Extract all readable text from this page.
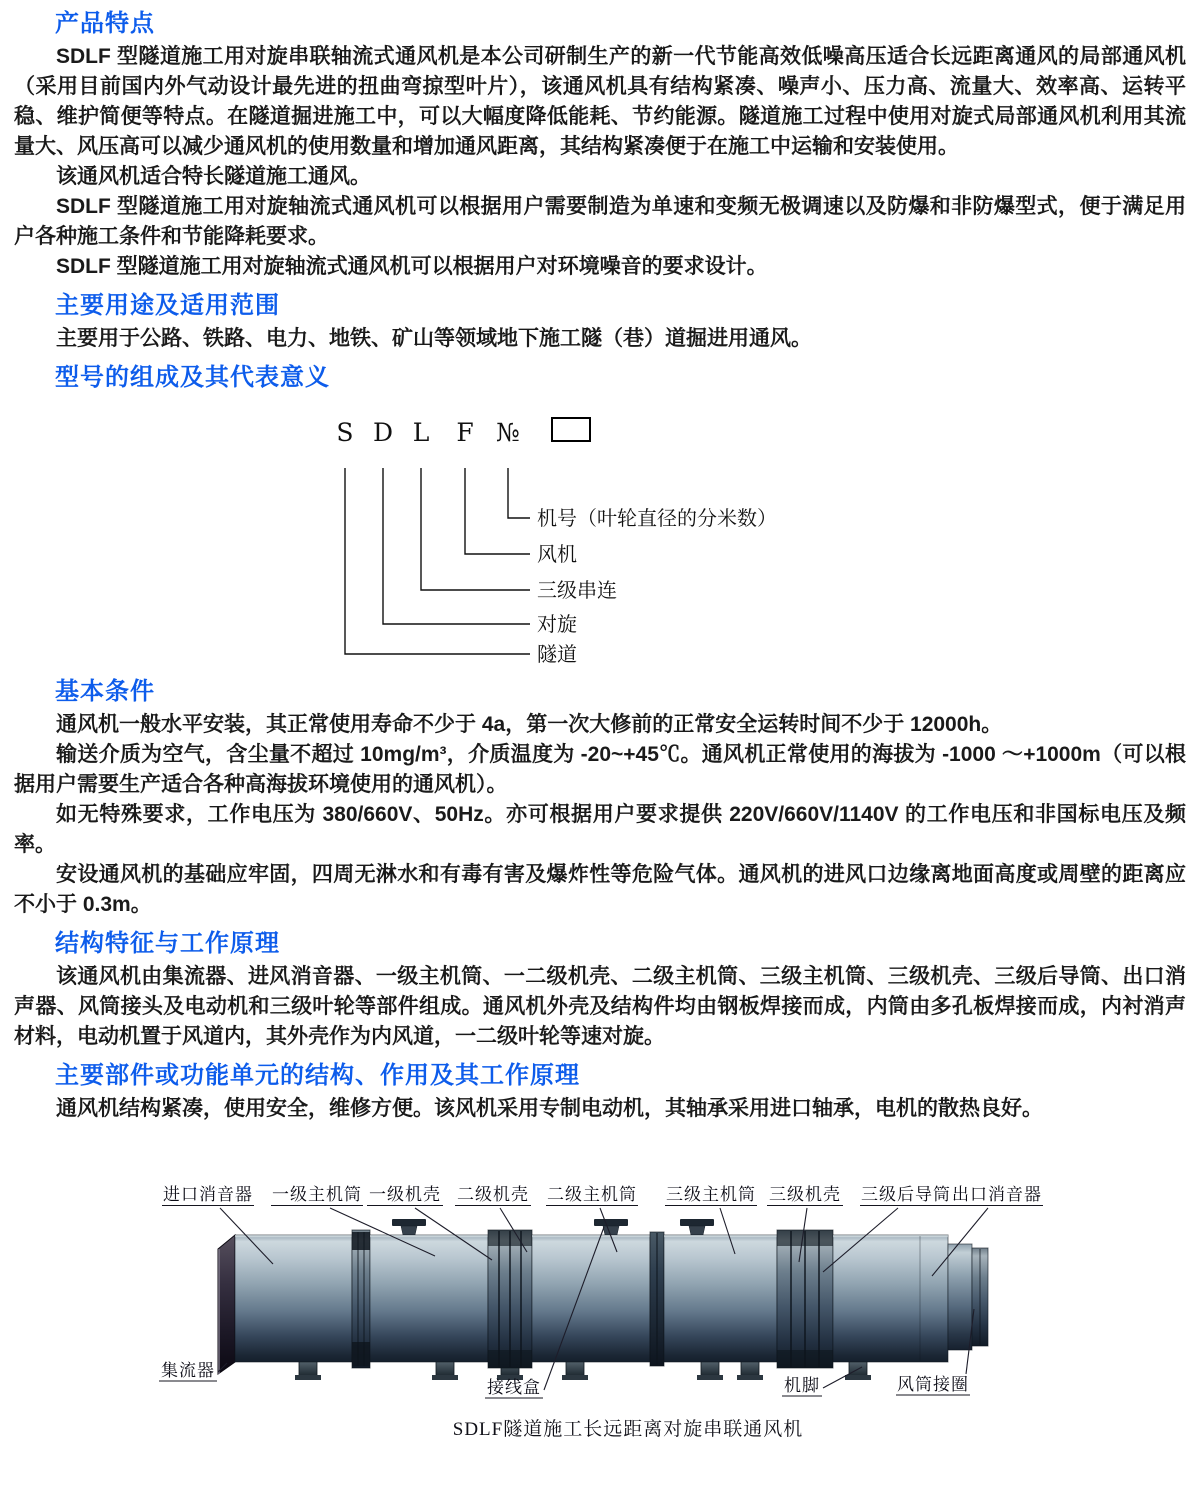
产品特点

SDLF 型隧道施工用对旋串联轴流式通风机是本公司研制生产的新一代节能高效低噪高压适合长远距离通风的局部通风机（采用目前国内外气动设计最先进的扭曲弯掠型叶片），该通风机具有结构紧凑、噪声小、压力高、流量大、效率高、运转平稳、维护简便等特点。在隧道掘进施工中，可以大幅度降低能耗、节约能源。隧道施工过程中使用对旋式局部通风机利用其流量大、风压高可以减少通风机的使用数量和增加通风距离，其结构紧凑便于在施工中运输和安装使用。

该通风机适合特长隧道施工通风。

SDLF 型隧道施工用对旋轴流式通风机可以根据用户需要制造为单速和变频无极调速以及防爆和非防爆型式，便于满足用户各种施工条件和节能降耗要求。

SDLF 型隧道施工用对旋轴流式通风机可以根据用户对环境噪音的要求设计。

主要用途及适用范围

主要用于公路、铁路、电力、地铁、矿山等领域地下施工隧（巷）道掘进用通风。

型号的组成及其代表意义
S D L F №
机号（叶轮直径的分米数）
风机
三级串连
对旋
隧道
基本条件

通风机一般水平安装，其正常使用寿命不少于 4a，第一次大修前的正常安全运转时间不少于 12000h。

输送介质为空气，含尘量不超过 10mg/m³，介质温度为 -20~+45℃。通风机正常使用的海拔为 -1000 ～+1000m（可以根据用户需要生产适合各种高海拔环境使用的通风机）。

如无特殊要求，工作电压为 380/660V、50Hz。亦可根据用户要求提供 220V/660V/1140V 的工作电压和非国标电压及频率。

安设通风机的基础应牢固，四周无淋水和有毒有害及爆炸性等危险气体。通风机的进风口边缘离地面高度或周壁的距离应不小于 0.3m。

结构特征与工作原理

该通风机由集流器、进风消音器、一级主机筒、一二级机壳、二级主机筒、三级主机筒、三级机壳、三级后导筒、出口消声器、风筒接头及电动机和三级叶轮等部件组成。通风机外壳及结构件均由钢板焊接而成，内筒由多孔板焊接而成，内衬消声材料，电动机置于风道内，其外壳作为内风道，一二级叶轮等速对旋。

主要部件或功能单元的结构、作用及其工作原理

通风机结构紧凑，使用安全，维修方便。该风机采用专制电动机，其轴承采用进口轴承，电机的散热良好。

进口消音器 一级主机筒 一级机壳 二级机壳 二级主机筒 三级主机筒 三级机壳 三级后导筒 出口消音器
集流器
接线盒	机脚	风筒接圈
SDLF隧道施工长远距离对旋串联通风机
